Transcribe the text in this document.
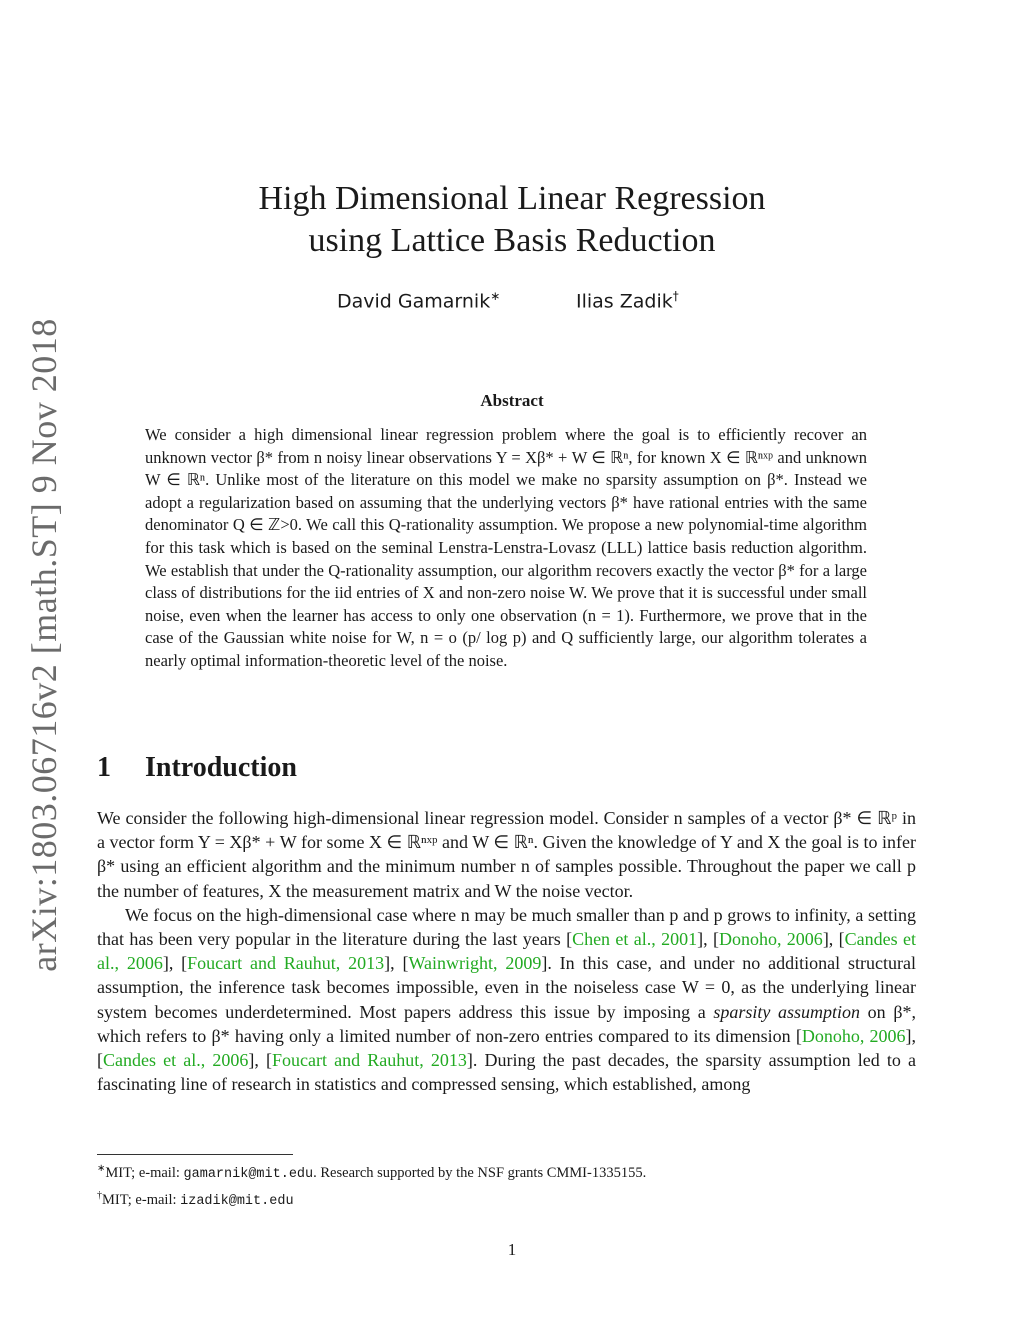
arXiv:1803.06716v2 [math.ST] 9 Nov 2018
High Dimensional Linear Regression
using Lattice Basis Reduction
David Gamarnik∗	Ilias Zadik†
Abstract
We consider a high dimensional linear regression problem where the goal is to efficiently recover an unknown vector β* from n noisy linear observations Y = Xβ* + W ∈ ℝⁿ, for known X ∈ ℝⁿˣᵖ and unknown W ∈ ℝⁿ. Unlike most of the literature on this model we make no sparsity assumption on β*. Instead we adopt a regularization based on assuming that the underlying vectors β* have rational entries with the same denominator Q ∈ ℤ>0. We call this Q-rationality assumption. We propose a new polynomial-time algorithm for this task which is based on the seminal Lenstra-Lenstra-Lovasz (LLL) lattice basis reduction algorithm. We establish that under the Q-rationality assumption, our algorithm recovers exactly the vector β* for a large class of distributions for the iid entries of X and non-zero noise W. We prove that it is successful under small noise, even when the learner has access to only one observation (n = 1). Furthermore, we prove that in the case of the Gaussian white noise for W, n = o (p/ log p) and Q sufficiently large, our algorithm tolerates a nearly optimal information-theoretic level of the noise.
1 Introduction

We consider the following high-dimensional linear regression model. Consider n samples of a vector β* ∈ ℝᵖ in a vector form Y = Xβ* + W for some X ∈ ℝⁿˣᵖ and W ∈ ℝⁿ. Given the knowledge of Y and X the goal is to infer β* using an efficient algorithm and the minimum number n of samples possible. Throughout the paper we call p the number of features, X the measurement matrix and W the noise vector.

We focus on the high-dimensional case where n may be much smaller than p and p grows to infinity, a setting that has been very popular in the literature during the last years [Chen et al., 2001], [Donoho, 2006], [Candes et al., 2006], [Foucart and Rauhut, 2013], [Wainwright, 2009]. In this case, and under no additional structural assumption, the inference task becomes impossible, even in the noiseless case W = 0, as the underlying linear system becomes underdetermined. Most papers address this issue by imposing a sparsity assumption on β*, which refers to β* having only a limited number of non-zero entries compared to its dimension [Donoho, 2006], [Candes et al., 2006], [Foucart and Rauhut, 2013]. During the past decades, the sparsity assumption led to a fascinating line of research in statistics and compressed sensing, which established, among

∗MIT; e-mail: gamarnik@mit.edu. Research supported by the NSF grants CMMI-1335155.
†MIT; e-mail: izadik@mit.edu
1
